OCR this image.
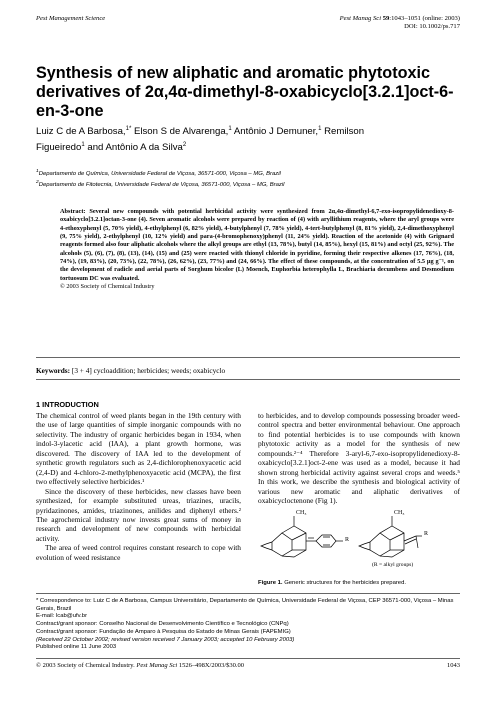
Pest Management Science	Pest Manag Sci 59:1043–1051 (online: 2003)
DOI: 10.1002/ps.717
Synthesis of new aliphatic and aromatic phytotoxic derivatives of 2α,4α-dimethyl-8-oxabicyclo[3.2.1]oct-6-en-3-one
Luiz C de A Barbosa,$^{1*}$ Elson S de Alvarenga,$^1$ Antônio J Demuner,$^1$ Remilson
Figueiredo$^1$ and Antônio A da Silva$^2$
$^1$Departamento de Química, Universidade Federal de Viçosa, 36571-000, Viçosa – MG, Brazil
$^2$Departamento de Fitotecnia, Universidade Federal de Viçosa, 36571-000, Viçosa – MG, Brazil
Abstract: Several new compounds with potential herbicidal activity were synthesized from 2α,4α-dimethyl-6,7-exo-isopropylidenedioxy-8-oxabicyclo[3.2.1]octan-3-one (4). Seven aromatic alcohols were prepared by reaction of (4) with aryllithium reagents, where the aryl groups were 4-ethoxyphenyl (5, 70% yield), 4-ethylphenyl (6, 82% yield), 4-butylphenyl (7, 78% yield), 4-tert-butylphenyl (8, 81% yield), 2,4-dimethoxyphenyl (9, 75% yield), 2-ethylphenyl (10, 12% yield) and para-(4-bromophenoxy)phenyl (11, 24% yield). Reaction of the acetonide (4) with Grignard reagents formed also four aliphatic alcohols where the alkyl groups are ethyl (13, 78%), butyl (14, 85%), hexyl (15, 81%) and octyl (25, 92%). The alcohols (5), (6), (7), (8), (13), (14), (15) and (25) were reacted with thionyl chloride in pyridine, forming their respective alkenes (17, 76%), (18, 74%), (19, 83%), (20, 73%), (22, 78%), (26, 62%), (23, 77%) and (24, 66%). The effect of these compounds, at the concentration of 5.5 µg g⁻¹, on the development of radicle and aerial parts of Sorghum bicolor (L) Moench, Euphorbia heterophylla L, Brachiaria decumbens and Desmodium tortuosum DC was evaluated.
© 2003 Society of Chemical Industry
Keywords: [3 + 4] cycloaddition; herbicides; weeds; oxabicyclo
1 INTRODUCTION

The chemical control of weed plants began in the 19th century with the use of large quantities of simple inorganic compounds with no selectivity. The industry of organic herbicides began in 1934, when indol-3-ylacetic acid (IAA), a plant growth hormone, was discovered. The discovery of IAA led to the development of synthetic growth regulators such as 2,4-dichlorophenoxyacetic acid (2,4-D) and 4-chloro-2-methylphenoxyacetic acid (MCPA), the first two effectively selective herbicides.¹

Since the discovery of these herbicides, new classes have been synthesized, for example substituted ureas, triazines, uracils, pyridazinones, amides, triazinones, anilides and diphenyl ethers.² The agrochemical industry now invests great sums of money in research and development of new compounds with herbicidal activity.

The area of weed control requires constant research to cope with evolution of weed resistance

to herbicides, and to develop compounds possessing broader weed-control spectra and better environmental behaviour. One approach to find potential herbicides is to use compounds with known phytotoxic activity as a model for the synthesis of new compounds.²⁻⁴ Therefore 3-aryl-6,7-exo-isopropylidenedioxy-8-oxabicyclo[3.2.1]oct-2-ene was used as a model, because it had shown strong herbicidal activity against several crops and weeds.⁵ In this work, we describe the synthesis and biological activity of various new aromatic and aliphatic derivatives of oxabicycloctenone (Fig 1).

CH₃
R
CH₃
R
(R = alkyl groups)
Figure 1. Generic structures for the herbicides prepared.
* Correspondence to: Luiz C de A Barbosa, Campus Universitário, Departamento de Química, Universidade Federal de Viçosa, CEP 36571-000, Viçosa – Minas Gerais, Brazil
E-mail: lcab@ufv.br
Contract/grant sponsor: Conselho Nacional de Desenvolvimento Científico e Tecnológico (CNPq)
Contract/grant sponsor: Fundação de Amparo à Pesquisa do Estado de Minas Gerais (FAPEMIG)
(Received 22 October 2002; revised version received 7 January 2003; accepted 10 February 2003)
Published online 11 June 2003
© 2003 Society of Chemical Industry. Pest Manag Sci 1526–498X/2003/$30.00	1043
